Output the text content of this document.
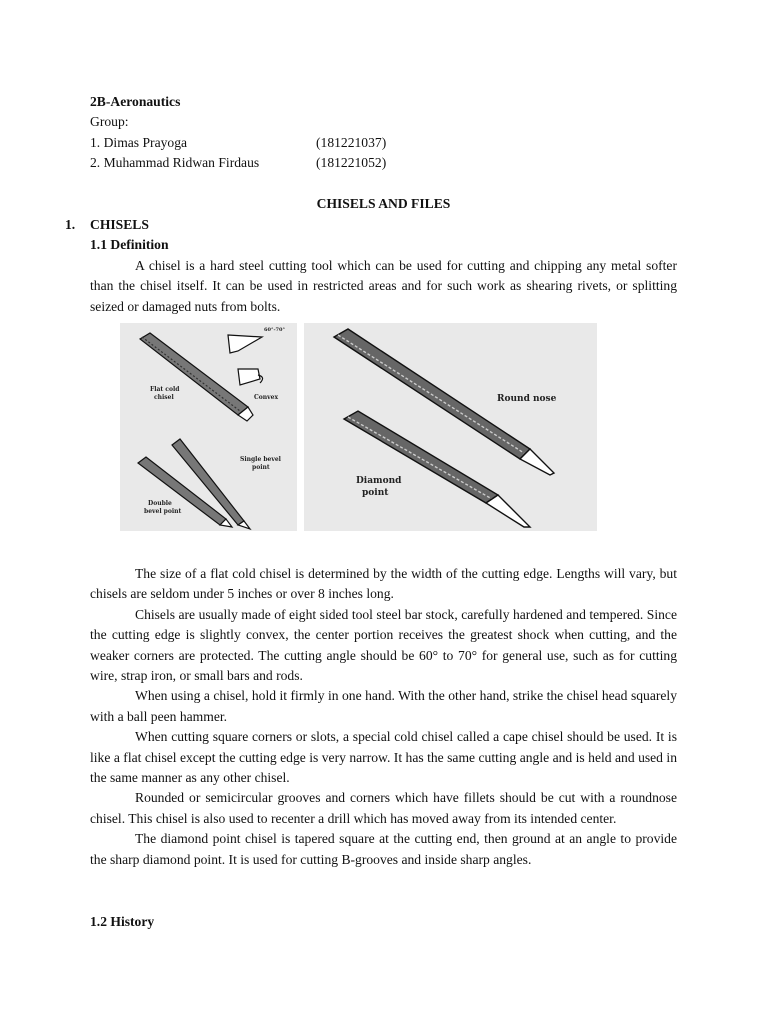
2B-Aeronautics
Group:
1. Dimas Prayoga	(181221037)
2. Muhammad Ridwan Firdaus	(181221052)
CHISELS AND FILES
1. CHISELS
1.1 Definition

A chisel is a hard steel cutting tool which can be used for cutting and chipping any metal softer than the chisel itself. It can be used in restricted areas and for such work as shearing rivets, or splitting seized or damaged nuts from bolts.

60°-70°
Flat cold
chisel	Convex
Single bevel
point
Double
bevel point
Round nose
Diamond
point

The size of a flat cold chisel is determined by the width of the cutting edge. Lengths will vary, but chisels are seldom under 5 inches or over 8 inches long.

Chisels are usually made of eight sided tool steel bar stock, carefully hardened and tempered. Since the cutting edge is slightly convex, the center portion receives the greatest shock when cutting, and the weaker corners are protected. The cutting angle should be 60° to 70° for general use, such as for cutting wire, strap iron, or small bars and rods.

When using a chisel, hold it firmly in one hand. With the other hand, strike the chisel head squarely with a ball peen hammer.

When cutting square corners or slots, a special cold chisel called a cape chisel should be used. It is like a flat chisel except the cutting edge is very narrow. It has the same cutting angle and is held and used in the same manner as any other chisel.

Rounded or semicircular grooves and corners which have fillets should be cut with a roundnose chisel. This chisel is also used to recenter a drill which has moved away from its intended center.

The diamond point chisel is tapered square at the cutting end, then ground at an angle to provide the sharp diamond point. It is used for cutting B-grooves and inside sharp angles.

1.2 History
